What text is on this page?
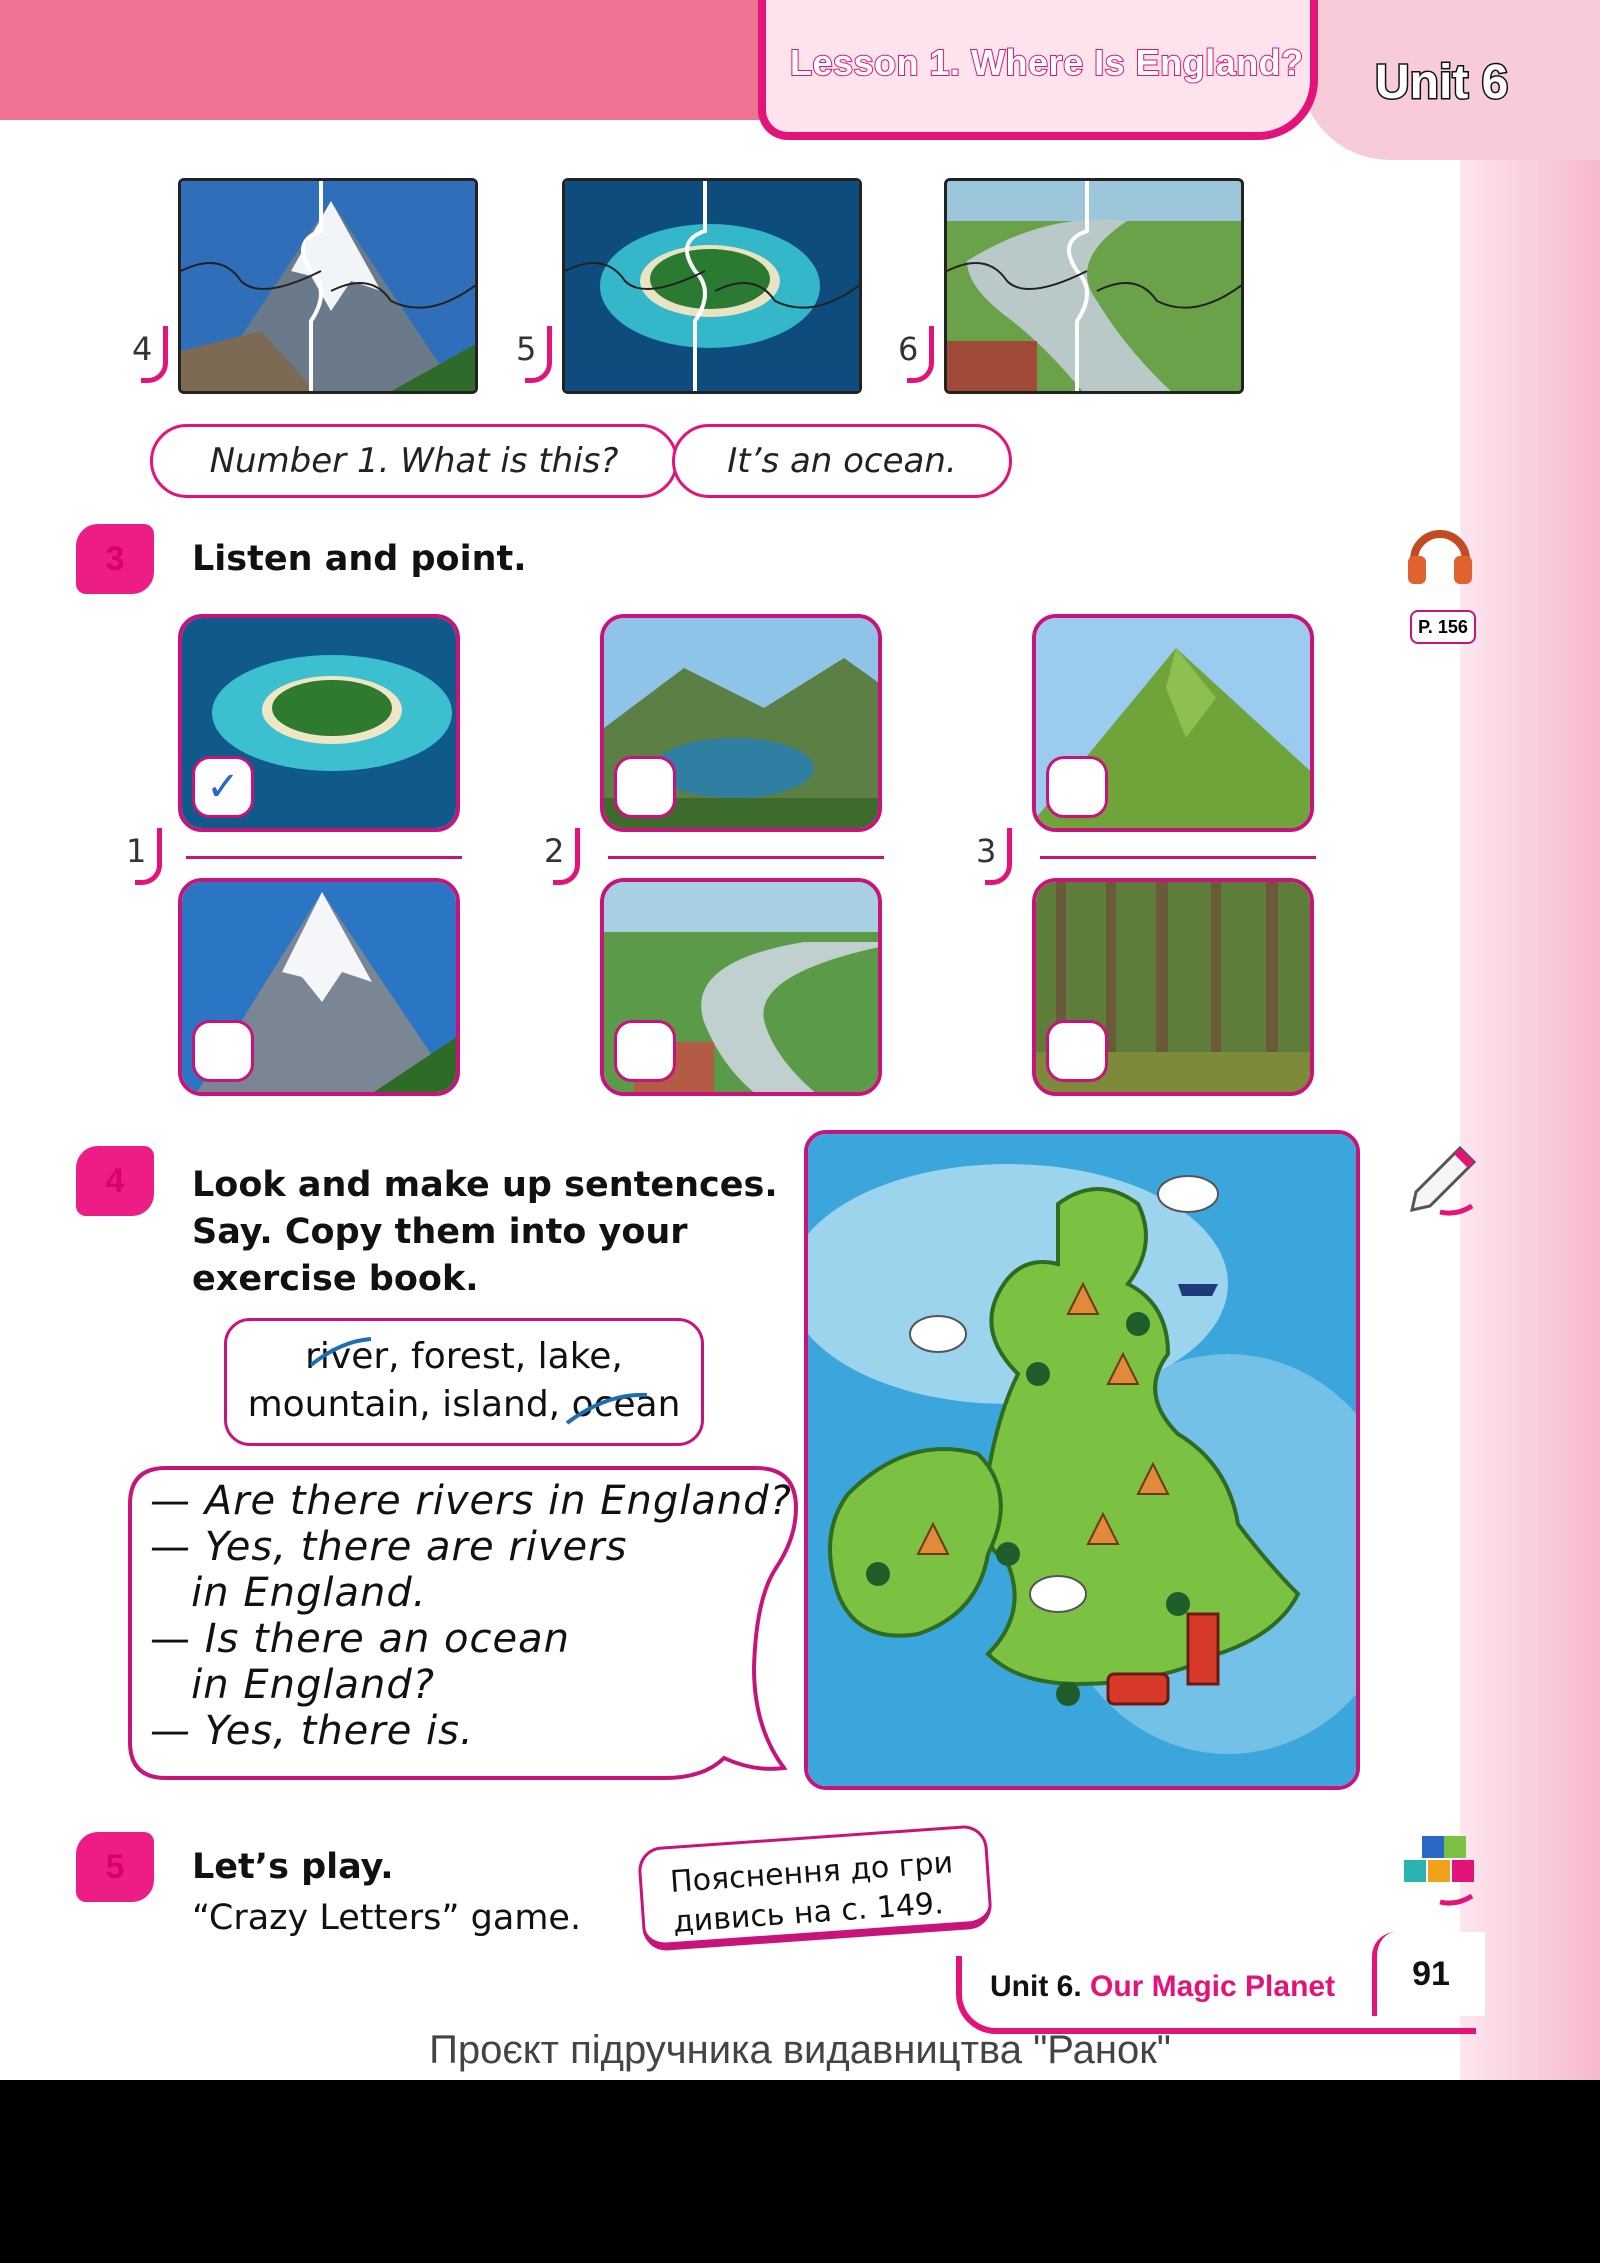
Lesson 1. Where Is England? Unit 6
4	5	6
Number 1. What is this?	It’s an ocean.
3	Listen and point.
P. 156
✓
1	2	3
4	Look and make up sentences.
Say. Copy them into your
exercise book.
river, forest, lake,
mountain, island, ocean
— Are there rivers in England?
— Yes, there are rivers
in England.
— Is there an ocean
in England?
— Yes, there is.
5	Let’s play.
“Crazy Letters” game.
Пояснення до гри
дивись на с. 149.
Unit 6. Our Magic Planet	91
Проєкт підручника видавництва "Ранок"
